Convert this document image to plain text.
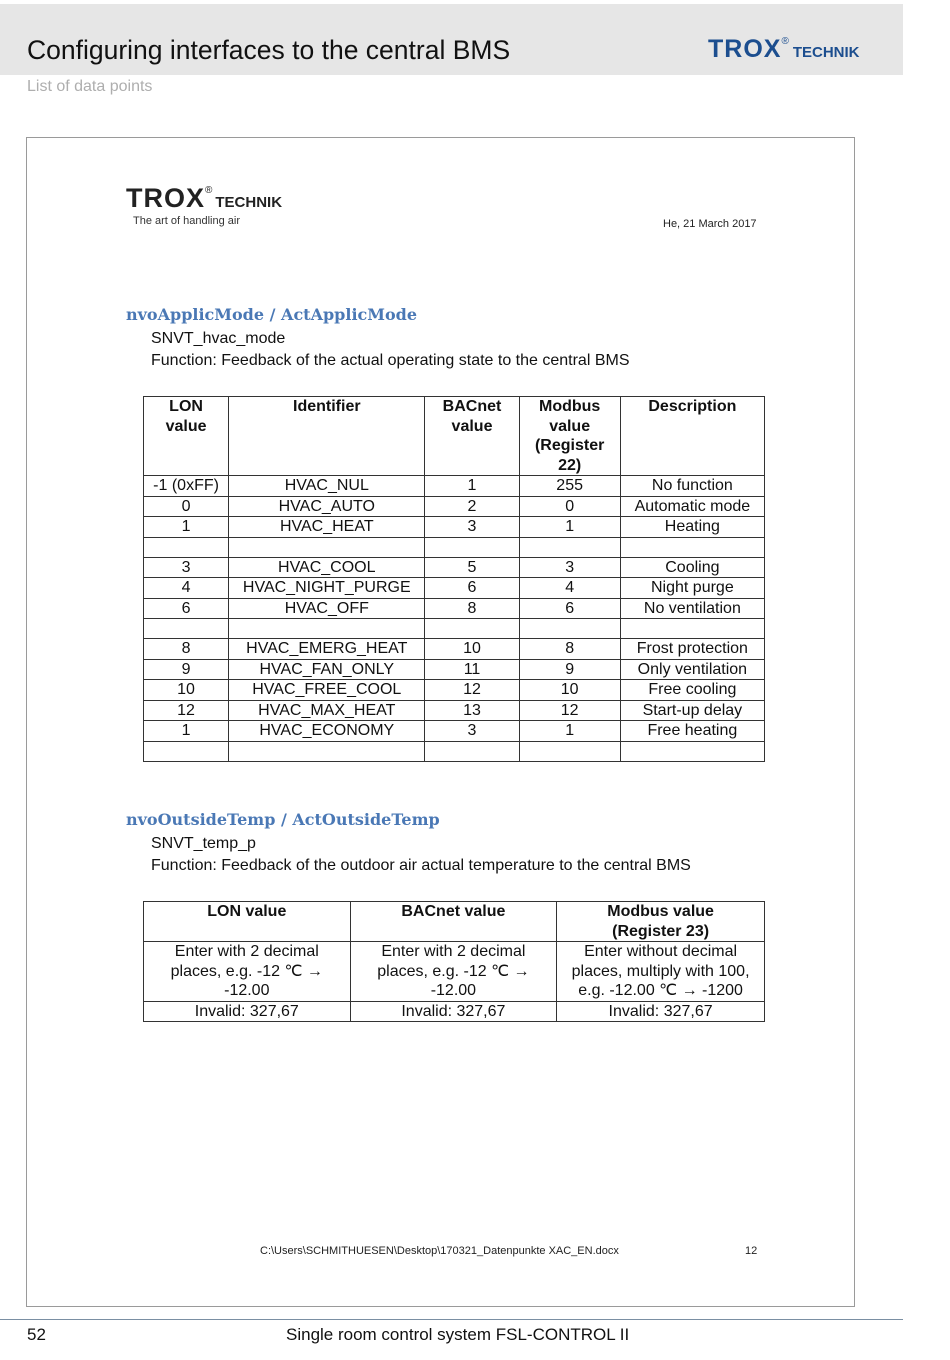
Configuring interfaces to the central BMS	TROX®TECHNIK
List of data points
TROX®TECHNIK
The art of handling air	He, 21 March 2017
nvoApplicMode / ActApplicMode
SNVT_hvac_mode
Function: Feedback of the actual operating state to the central BMS
LON value	Identifier	BACnet value	Modbus value (Register 22)	Description
-1 (0xFF)	HVAC_NUL	1	255	No function
0	HVAC_AUTO	2	0	Automatic mode
1	HVAC_HEAT	3	1	Heating

3	HVAC_COOL	5	3	Cooling
4	HVAC_NIGHT_PURGE	6	4	Night purge
6	HVAC_OFF	8	6	No ventilation

8	HVAC_EMERG_HEAT	10	8	Frost protection
9	HVAC_FAN_ONLY	11	9	Only ventilation
10	HVAC_FREE_COOL	12	10	Free cooling
12	HVAC_MAX_HEAT	13	12	Start-up delay
1	HVAC_ECONOMY	3	1	Free heating

nvoOutsideTemp / ActOutsideTemp
SNVT_temp_p
Function: Feedback of the outdoor air actual temperature to the central BMS
LON value	BACnet value	Modbus value (Register 23)
Enter with 2 decimal places, e.g. -12 ℃ → -12.00	Enter with 2 decimal places, e.g. -12 ℃ → -12.00	Enter without decimal places, multiply with 100, e.g. -12.00 ℃ → -1200
Invalid: 327,67	Invalid: 327,67	Invalid: 327,67
C:\Users\SCHMITHUESEN\Desktop\170321_Datenpunkte XAC_EN.docx	12
52	Single room control system FSL-CONTROL II
